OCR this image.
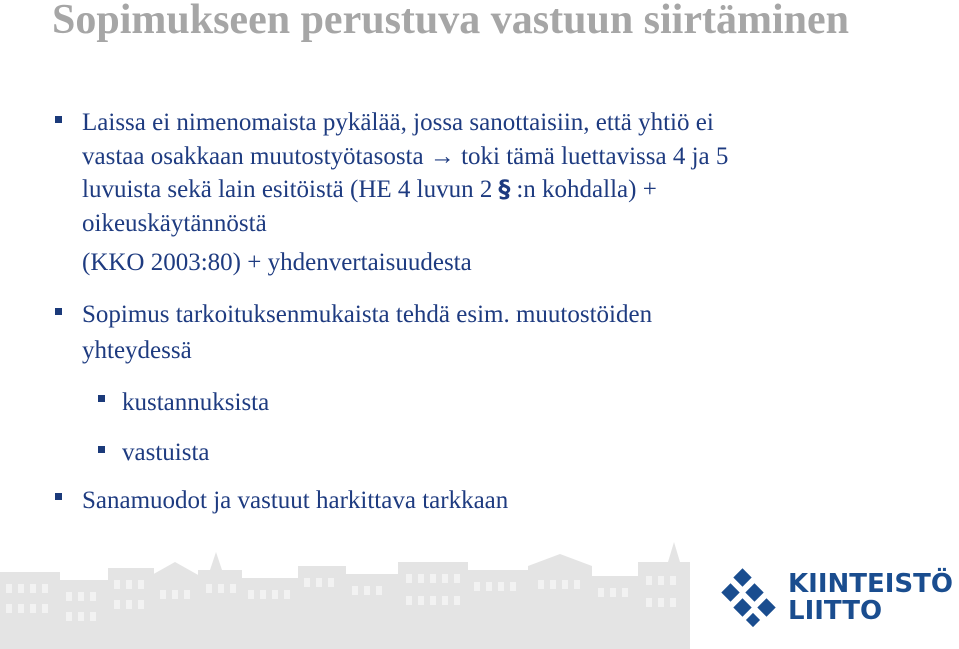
Sopimukseen perustuva vastuun siirtäminen
Laissa ei nimenomaista pykälää, jossa sanottaisiin, että yhtiö ei
vastaa osakkaan muutostyötasosta → toki tämä luettavissa 4 ja 5
luvuista sekä lain esitöistä (HE 4 luvun 2 § :n kohdalla) +
oikeuskäytännöstä
(KKO 2003:80) + yhdenvertaisuudesta
Sopimus tarkoituksenmukaista tehdä esim. muutostöiden
yhteydessä
kustannuksista
vastuista
Sanamuodot ja vastuut harkittava tarkkaan
KIINTEISTÖ
LIITTO
